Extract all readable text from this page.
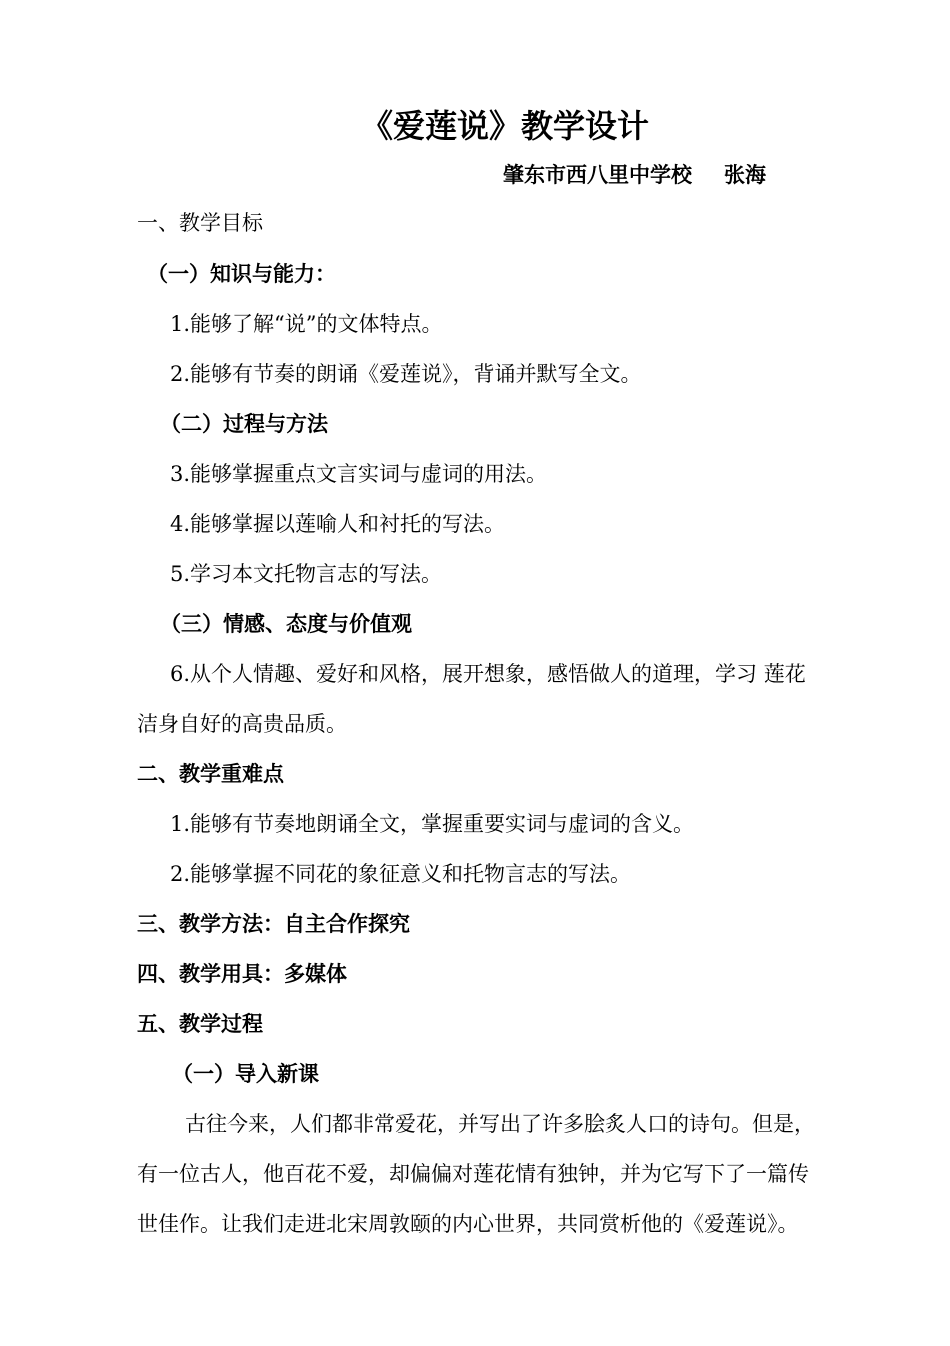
《爱莲说》教学设计
肇东市西八里中学校 张海
一、教学目标
（一）知识与能力：
1.能够了解“说”的文体特点。
2.能够有节奏的朗诵《爱莲说》，背诵并默写全文。
（二）过程与方法
3.能够掌握重点文言实词与虚词的用法。
4.能够掌握以莲喻人和衬托的写法。
5.学习本文托物言志的写法。
（三）情感、态度与价值观
6.从个人情趣、爱好和风格，展开想象，感悟做人的道理，学习 莲花
洁身自好的高贵品质。
二、教学重难点
1.能够有节奏地朗诵全文，掌握重要实词与虚词的含义。
2.能够掌握不同花的象征意义和托物言志的写法。
三、教学方法：自主合作探究
四、教学用具：多媒体
五、教学过程
（一）导入新课
古往今来，人们都非常爱花，并写出了许多脍炙人口的诗句。但是，
有一位古人，他百花不爱，却偏偏对莲花情有独钟，并为它写下了一篇传
世佳作。让我们走进北宋周敦颐的内心世界，共同赏析他的《爱莲说》。
